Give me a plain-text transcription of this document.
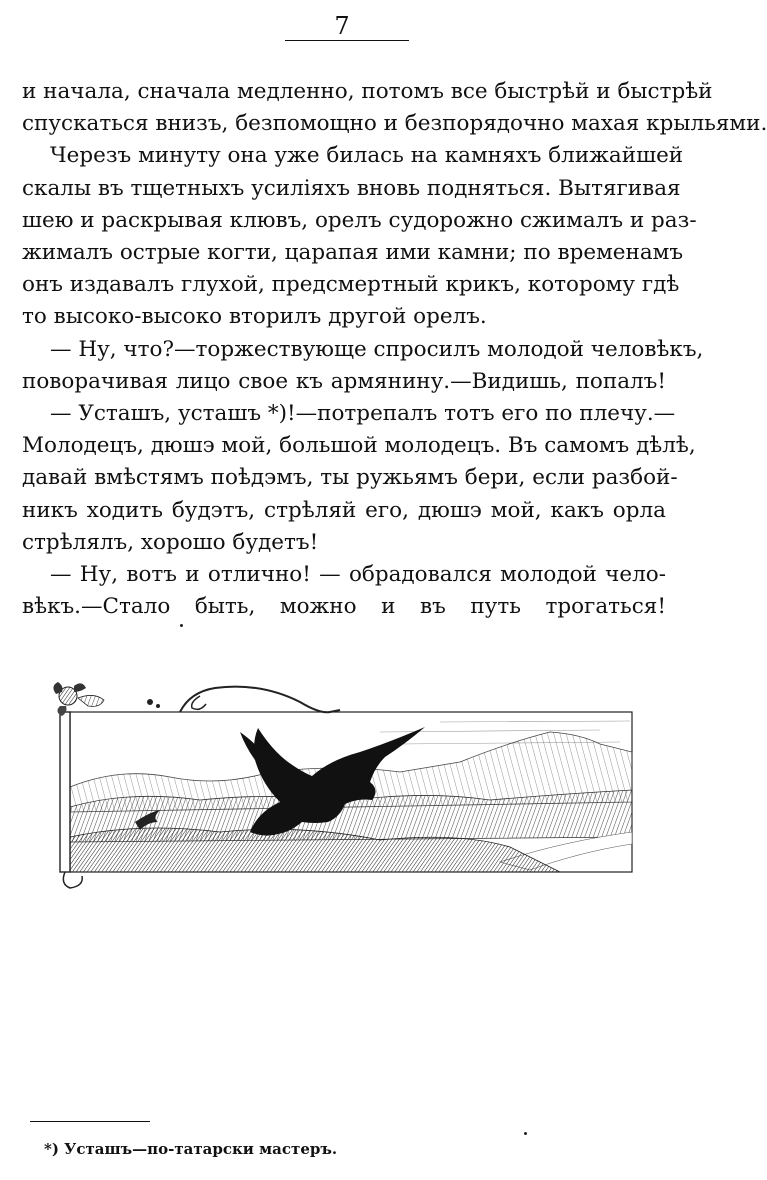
7
и начала, сначала медленно, потомъ все быстрѣй и быстрѣй
спускаться внизъ, безпомощно и безпорядочно махая крыльями.
Черезъ минуту она уже билась на камняхъ ближайшей
скалы въ тщетныхъ усиліяхъ вновь подняться. Вытягивая
шею и раскрывая клювъ, орелъ судорожно сжималъ и раз-
жималъ острые когти, царапая ими камни; по временамъ
онъ издавалъ глухой, предсмертный крикъ, которому гдѣ
то высоко-высоко вторилъ другой орелъ.
— Ну, что?—торжествующе спросилъ молодой человѣкъ,
поворачивая лицо свое къ армянину.—Видишь, попалъ!
— Усташъ, усташъ *)!—потрепалъ тотъ его по плечу.—
Молодецъ, дюшэ мой, большой молодецъ. Въ самомъ дѣлѣ,
давай вмѣстямъ поѣдэмъ, ты ружьямъ бери, если разбой-
никъ ходить будэтъ, стрѣляй его, дюшэ мой, какъ орла
стрѣлялъ, хорошо будетъ!
— Ну, вотъ и отлично! — обрадовался молодой чело-
вѣкъ.—Стало быть, можно и въ путь трогаться!
*) Усташъ—по-татарски мастеръ.
